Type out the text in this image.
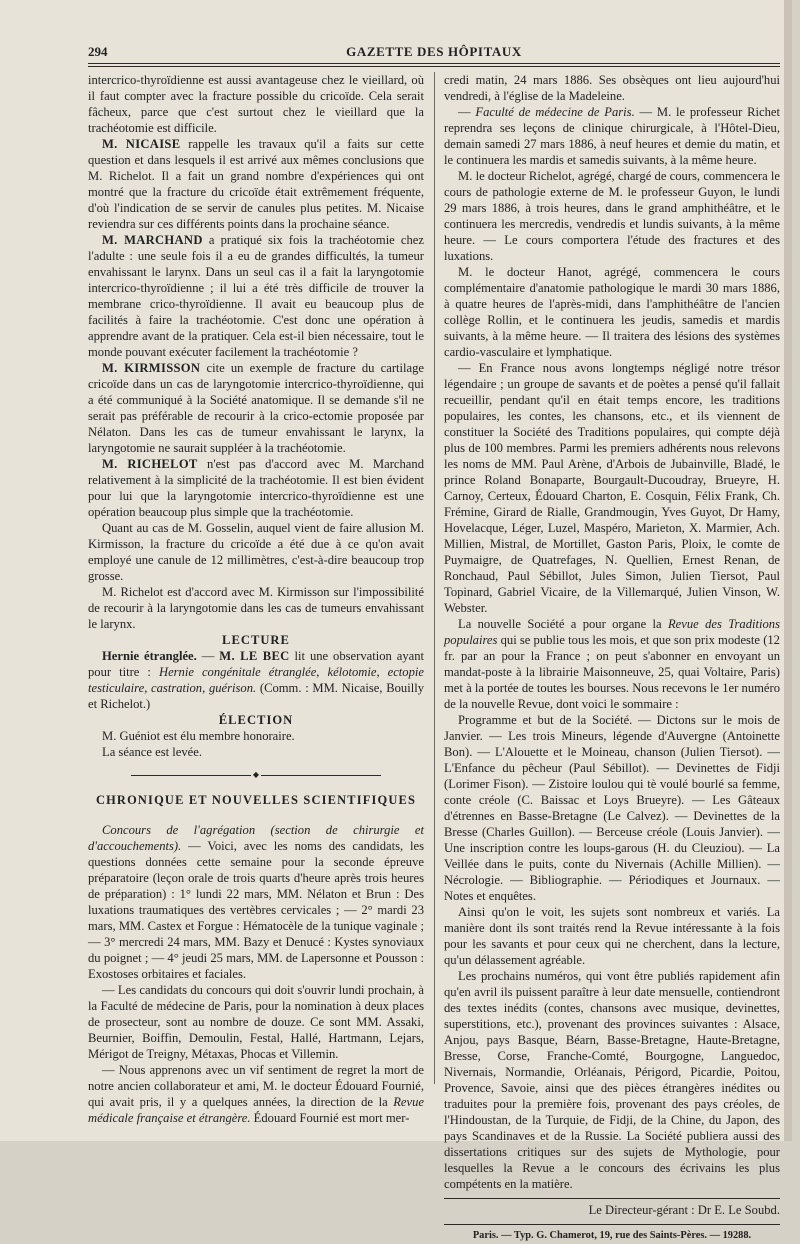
294	GAZETTE DES HÔPITAUX

intercrico-thyroïdienne est aussi avantageuse chez le vieillard, où il faut compter avec la fracture possible du cricoïde. Cela serait fâcheux, parce que c'est surtout chez le vieillard que la trachéotomie est difficile.

M. NICAISE rappelle les travaux qu'il a faits sur cette question et dans lesquels il est arrivé aux mêmes conclusions que M. Richelot. Il a fait un grand nombre d'expériences qui ont montré que la fracture du cricoïde était extrêmement fréquente, d'où l'indication de se servir de canules plus petites. M. Nicaise reviendra sur ces différents points dans la prochaine séance.

M. MARCHAND a pratiqué six fois la trachéotomie chez l'adulte : une seule fois il a eu de grandes difficultés, la tumeur envahissant le larynx. Dans un seul cas il a fait la laryngotomie intercrico-thyroïdienne ; il lui a été très difficile de trouver la membrane crico-thyroïdienne. Il avait eu beaucoup plus de facilités à faire la trachéotomie. C'est donc une opération à apprendre avant de la pratiquer. Cela est-il bien nécessaire, tout le monde pouvant exécuter facilement la trachéotomie ?

M. KIRMISSON cite un exemple de fracture du cartilage cricoïde dans un cas de laryngotomie intercrico-thyroïdienne, qui a été communiqué à la Société anatomique. Il se demande s'il ne serait pas préférable de recourir à la crico-ectomie proposée par Nélaton. Dans les cas de tumeur envahissant le larynx, la laryngotomie ne saurait suppléer à la trachéotomie.

M. RICHELOT n'est pas d'accord avec M. Marchand relativement à la simplicité de la trachéotomie. Il est bien évident pour lui que la laryngotomie intercrico-thyroïdienne est une opération beaucoup plus simple que la trachéotomie.

Quant au cas de M. Gosselin, auquel vient de faire allusion M. Kirmisson, la fracture du cricoïde a été due à ce qu'on avait employé une canule de 12 millimètres, c'est-à-dire beaucoup trop grosse.

M. Richelot est d'accord avec M. Kirmisson sur l'impossibilité de recourir à la laryngotomie dans les cas de tumeurs envahissant le larynx.

LECTURE

Hernie étranglée. — M. LE BEC lit une observation ayant pour titre : Hernie congénitale étranglée, kélotomie, ectopie testiculaire, castration, guérison. (Comm. : MM. Nicaise, Bouilly et Richelot.)

ÉLECTION

M. Guéniot est élu membre honoraire.

La séance est levée.

◆
CHRONIQUE ET NOUVELLES SCIENTIFIQUES

Concours de l'agrégation (section de chirurgie et d'accouchements). — Voici, avec les noms des candidats, les questions données cette semaine pour la seconde épreuve préparatoire (leçon orale de trois quarts d'heure après trois heures de préparation) : 1° lundi 22 mars, MM. Nélaton et Brun : Des luxations traumatiques des vertèbres cervicales ; — 2° mardi 23 mars, MM. Castex et Forgue : Hématocèle de la tunique vaginale ; — 3° mercredi 24 mars, MM. Bazy et Denucé : Kystes synoviaux du poignet ; — 4° jeudi 25 mars, MM. de Lapersonne et Pousson : Exostoses orbitaires et faciales.

— Les candidats du concours qui doit s'ouvrir lundi prochain, à la Faculté de médecine de Paris, pour la nomination à deux places de prosecteur, sont au nombre de douze. Ce sont MM. Assaki, Beurnier, Boiffin, Demoulin, Festal, Hallé, Hartmann, Lejars, Mérigot de Treigny, Métaxas, Phocas et Villemin.

— Nous apprenons avec un vif sentiment de regret la mort de notre ancien collaborateur et ami, M. le docteur Édouard Fournié, qui avait pris, il y a quelques années, la direction de la Revue médicale française et étrangère. Édouard Fournié est mort mer-

credi matin, 24 mars 1886. Ses obsèques ont lieu aujourd'hui vendredi, à l'église de la Madeleine.

— Faculté de médecine de Paris. — M. le professeur Richet reprendra ses leçons de clinique chirurgicale, à l'Hôtel-Dieu, demain samedi 27 mars 1886, à neuf heures et demie du matin, et le continuera les mardis et samedis suivants, à la même heure.

M. le docteur Richelot, agrégé, chargé de cours, commencera le cours de pathologie externe de M. le professeur Guyon, le lundi 29 mars 1886, à trois heures, dans le grand amphithéâtre, et le continuera les mercredis, vendredis et lundis suivants, à la même heure. — Le cours comportera l'étude des fractures et des luxations.

M. le docteur Hanot, agrégé, commencera le cours complémentaire d'anatomie pathologique le mardi 30 mars 1886, à quatre heures de l'après-midi, dans l'amphithéâtre de l'ancien collège Rollin, et le continuera les jeudis, samedis et mardis suivants, à la même heure. — Il traitera des lésions des systèmes cardio-vasculaire et lymphatique.

— En France nous avons longtemps négligé notre trésor légendaire ; un groupe de savants et de poètes a pensé qu'il fallait recueillir, pendant qu'il en était temps encore, les traditions populaires, les contes, les chansons, etc., et ils viennent de constituer la Société des Traditions populaires, qui compte déjà plus de 100 membres. Parmi les premiers adhérents nous relevons les noms de MM. Paul Arène, d'Arbois de Jubainville, Bladé, le prince Roland Bonaparte, Bourgault-Ducoudray, Brueyre, H. Carnoy, Certeux, Édouard Charton, E. Cosquin, Félix Frank, Ch. Frémine, Girard de Rialle, Grandmougin, Yves Guyot, Dr Hamy, Hovelacque, Léger, Luzel, Maspéro, Marieton, X. Marmier, Ach. Millien, Mistral, de Mortillet, Gaston Paris, Ploix, le comte de Puymaigre, de Quatrefages, N. Quellien, Ernest Renan, de Ronchaud, Paul Sébillot, Jules Simon, Julien Tiersot, Paul Topinard, Gabriel Vicaire, de la Villemarqué, Julien Vinson, W. Webster.

La nouvelle Société a pour organe la Revue des Traditions populaires qui se publie tous les mois, et que son prix modeste (12 fr. par an pour la France ; on peut s'abonner en envoyant un mandat-poste à la librairie Maisonneuve, 25, quai Voltaire, Paris) met à la portée de toutes les bourses. Nous recevons le 1er numéro de la nouvelle Revue, dont voici le sommaire :

Programme et but de la Société. — Dictons sur le mois de Janvier. — Les trois Mineurs, légende d'Auvergne (Antoinette Bon). — L'Alouette et le Moineau, chanson (Julien Tiersot). — L'Enfance du pêcheur (Paul Sébillot). — Devinettes de Fidji (Lorimer Fison). — Zistoire loulou qui tè voulé bourlé sa femme, conte créole (C. Baissac et Loys Brueyre). — Les Gâteaux d'étrennes en Basse-Bretagne (Le Calvez). — Devinettes de la Bresse (Charles Guillon). — Berceuse créole (Louis Janvier). — Une inscription contre les loups-garous (H. du Cleuziou). — La Veillée dans le puits, conte du Nivernais (Achille Millien). — Nécrologie. — Bibliographie. — Périodiques et Journaux. — Notes et enquêtes.

Ainsi qu'on le voit, les sujets sont nombreux et variés. La manière dont ils sont traités rend la Revue intéressante à la fois pour les savants et pour ceux qui ne cherchent, dans la lecture, qu'un délassement agréable.

Les prochains numéros, qui vont être publiés rapidement afin qu'en avril ils puissent paraître à leur date mensuelle, contiendront des textes inédits (contes, chansons avec musique, devinettes, superstitions, etc.), provenant des provinces suivantes : Alsace, Anjou, pays Basque, Béarn, Basse-Bretagne, Haute-Bretagne, Bresse, Corse, Franche-Comté, Bourgogne, Languedoc, Nivernais, Normandie, Orléanais, Périgord, Picardie, Poitou, Provence, Savoie, ainsi que des pièces étrangères inédites ou traduites pour la première fois, provenant des pays créoles, de l'Hindoustan, de la Turquie, de Fidji, de la Chine, du Japon, des pays Scandinaves et de la Russie. La Société publiera aussi des dissertations critiques sur des sujets de Mythologie, pour lesquelles la Revue a le concours des écrivains les plus compétents en la matière.

Le Directeur-gérant : Dr E. Le Soubd.

Paris. — Typ. G. Chamerot, 19, rue des Saints-Pères. — 19288.
